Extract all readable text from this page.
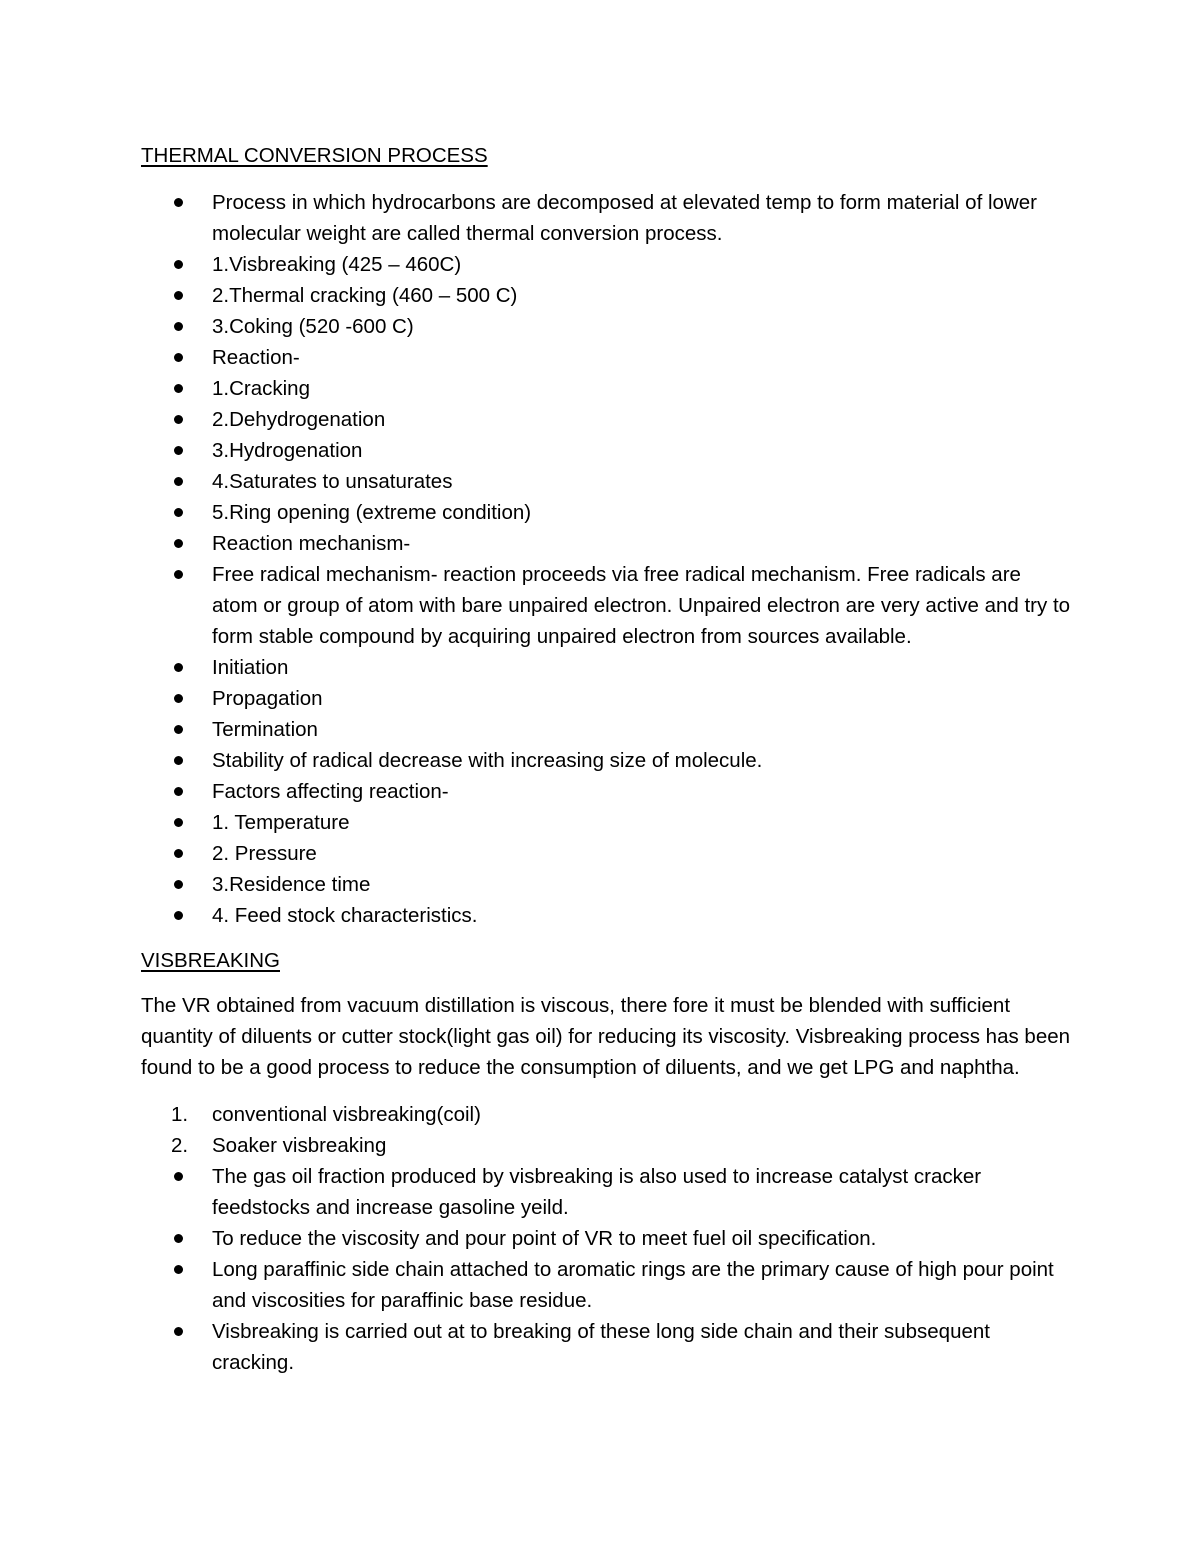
THERMAL CONVERSION PROCESS
Process in which hydrocarbons are decomposed at elevated temp to form material of lower molecular weight are called thermal conversion process.
1.Visbreaking (425 – 460C)
2.Thermal cracking (460 – 500 C)
3.Coking (520 -600 C)
Reaction-
1.Cracking
2.Dehydrogenation
3.Hydrogenation
4.Saturates to unsaturates
5.Ring opening (extreme condition)
Reaction mechanism-
Free radical mechanism- reaction proceeds via free radical mechanism. Free radicals are atom or group of atom with bare unpaired electron. Unpaired electron are very active and try to form stable compound by acquiring unpaired electron from sources available.
Initiation
Propagation
Termination
Stability of radical decrease with increasing size of molecule.
Factors affecting reaction-
1. Temperature
2. Pressure
3.Residence time
4. Feed stock characteristics.
VISBREAKING

The VR obtained from vacuum distillation is viscous, there fore it must be blended with sufficient quantity of diluents or cutter stock(light gas oil) for reducing its viscosity. Visbreaking process has been found to be a good process to reduce the consumption of diluents, and we get LPG and naphtha.

1. conventional visbreaking(coil)
2. Soaker visbreaking
The gas oil fraction produced by visbreaking is also used to increase catalyst cracker feedstocks and increase gasoline yeild.
To reduce the viscosity and pour point of VR to meet fuel oil specification.
Long paraffinic side chain attached to aromatic rings are the primary cause of high pour point and viscosities for paraffinic base residue.
Visbreaking is carried out at to breaking of these long side chain and their subsequent cracking.
